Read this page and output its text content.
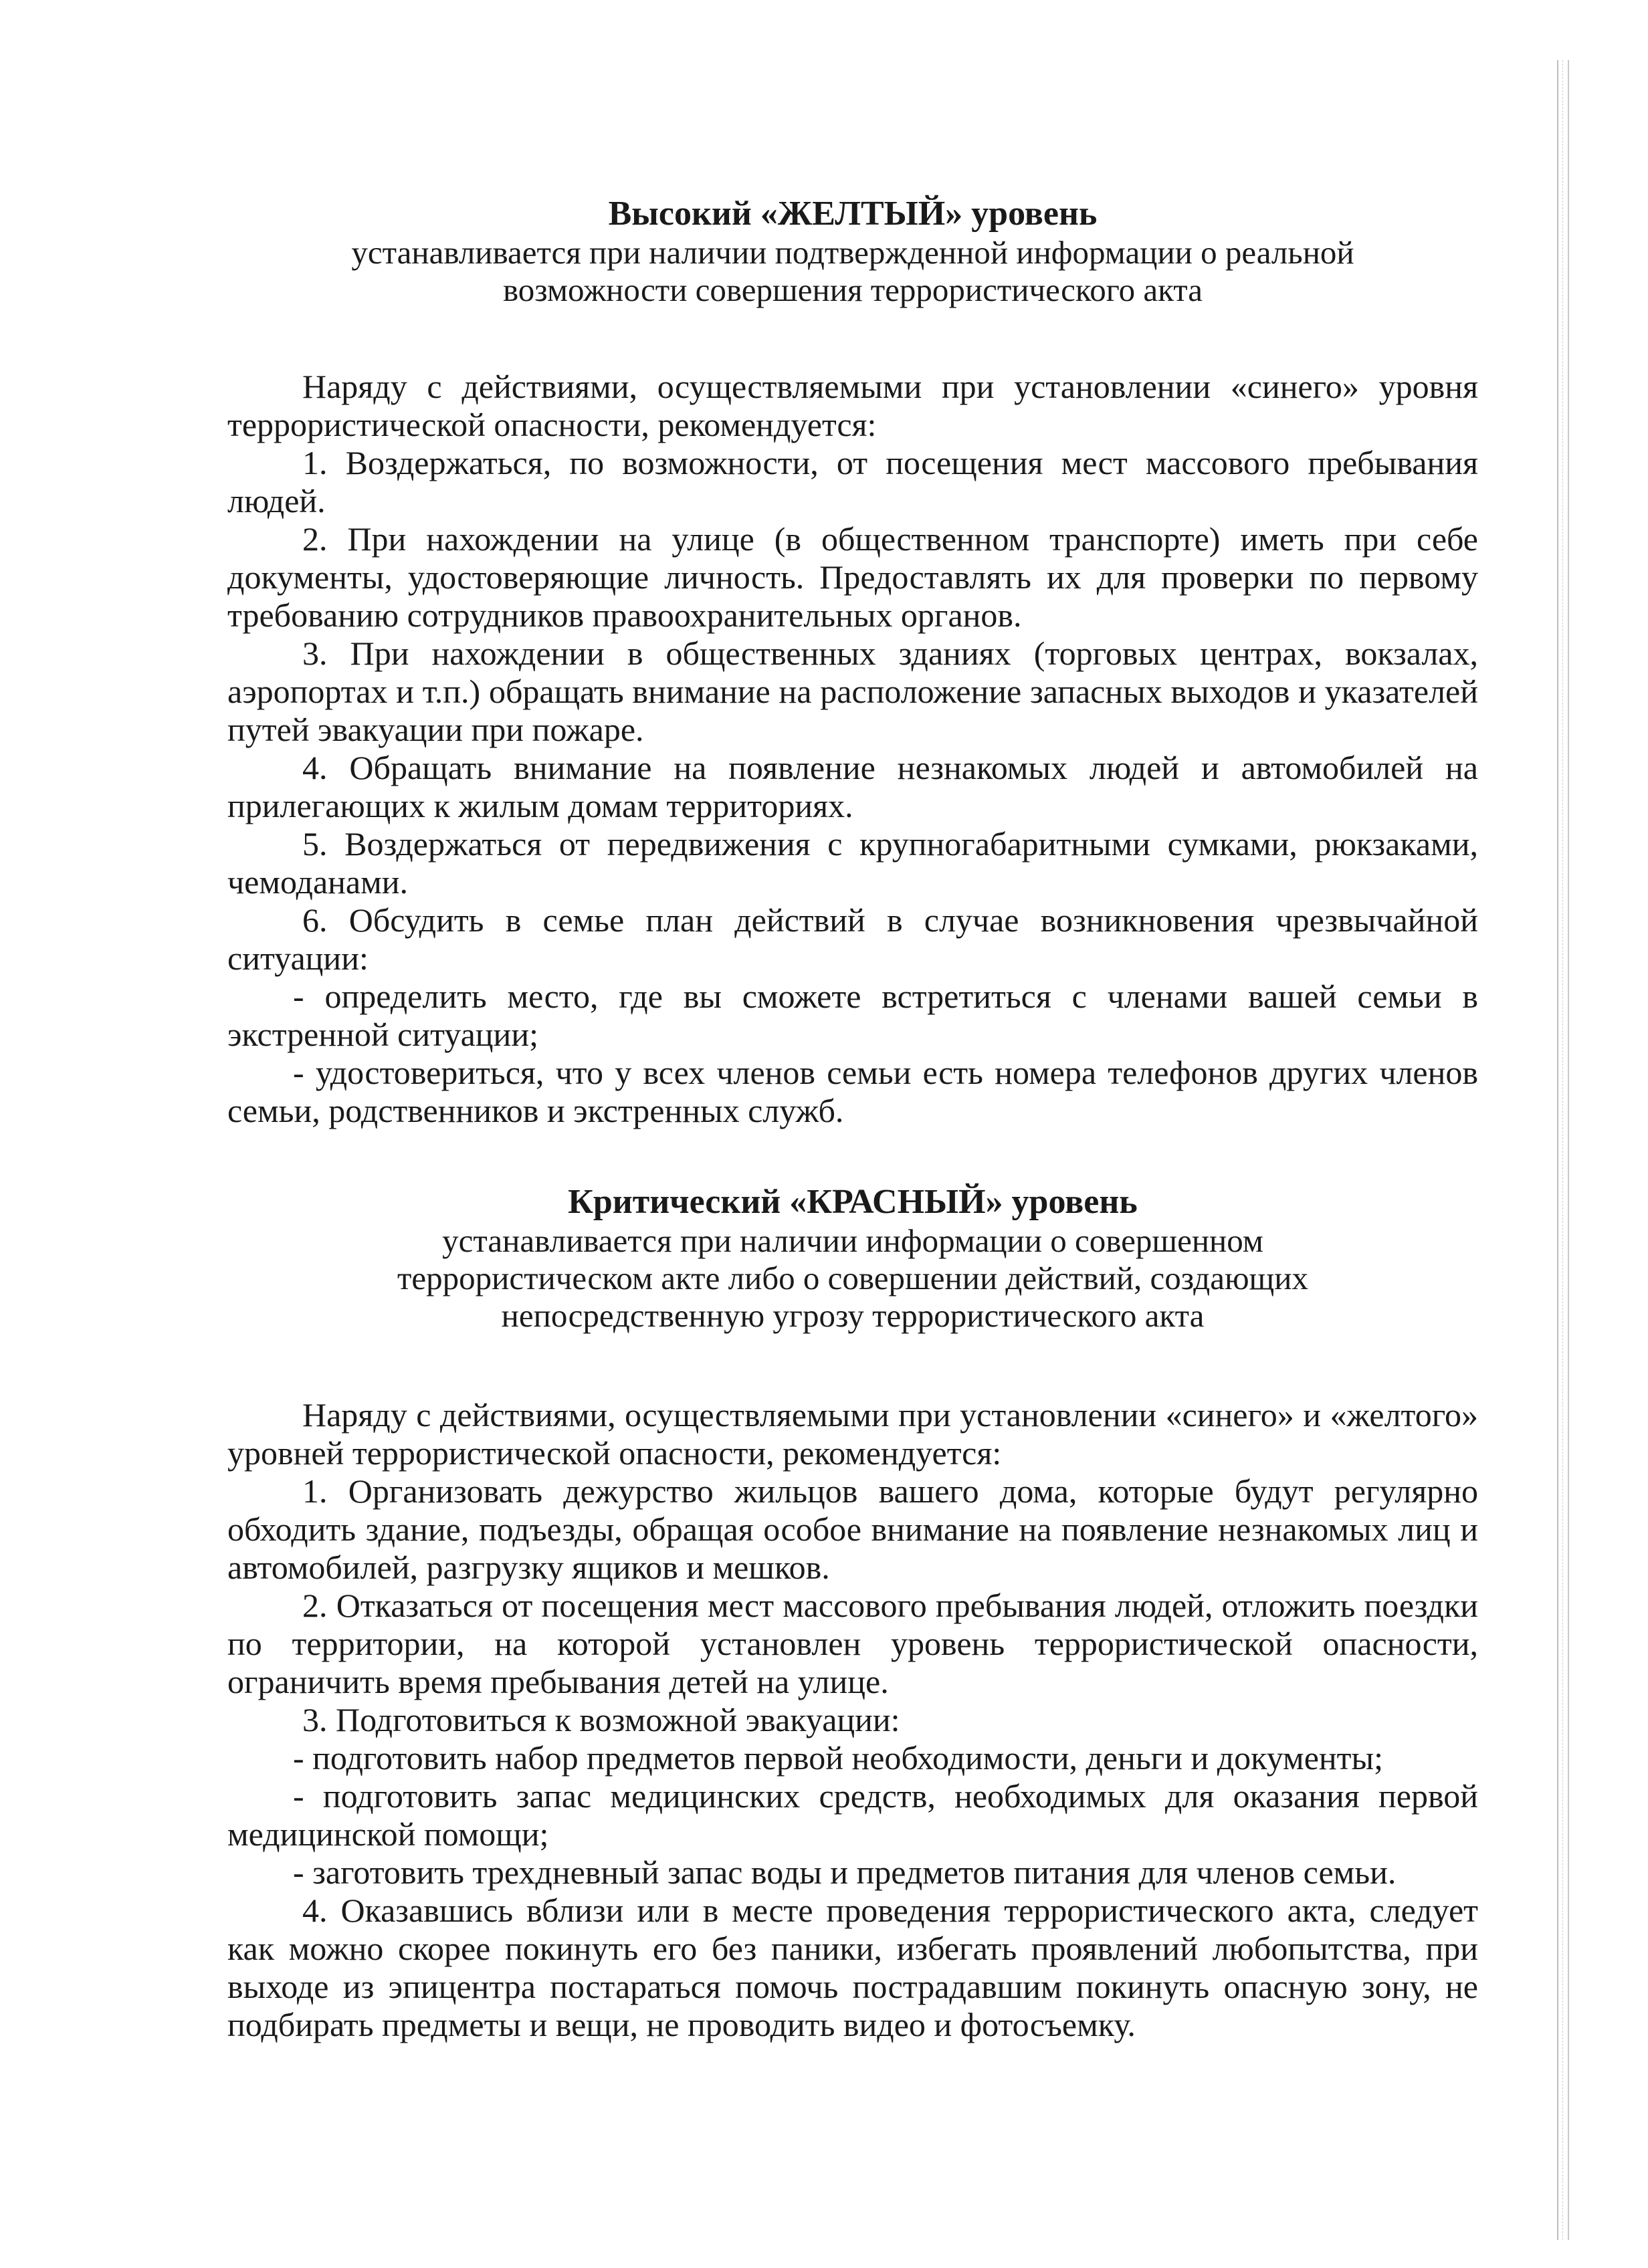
Высокий «ЖЕЛТЫЙ» уровень

устанавливается при наличии подтвержденной информации о реальной возможности совершения террористического акта

Наряду с действиями, осуществляемыми при установлении «синего» уровня террористической опасности, рекомендуется:

1. Воздержаться, по возможности, от посещения мест массового пребывания людей.

2. При нахождении на улице (в общественном транспорте) иметь при себе документы, удостоверяющие личность. Предоставлять их для проверки по первому требованию сотрудников правоохранительных органов.

3. При нахождении в общественных зданиях (торговых центрах, вокзалах, аэропортах и т.п.) обращать внимание на расположение запасных выходов и указателей путей эвакуации при пожаре.

4. Обращать внимание на появление незнакомых людей и автомобилей на прилегающих к жилым домам территориях.

5. Воздержаться от передвижения с крупногабаритными сумками, рюкзаками, чемоданами.

6. Обсудить в семье план действий в случае возникновения чрезвычайной ситуации:

- определить место, где вы сможете встретиться с членами вашей семьи в экстренной ситуации;

- удостовериться, что у всех членов семьи есть номера телефонов других членов семьи, родственников и экстренных служб.

Критический «КРАСНЫЙ» уровень

устанавливается при наличии информации о совершенном террористическом акте либо о совершении действий, создающих непосредственную угрозу террористического акта

Наряду с действиями, осуществляемыми при установлении «синего» и «желтого» уровней террористической опасности, рекомендуется:

1. Организовать дежурство жильцов вашего дома, которые будут регулярно обходить здание, подъезды, обращая особое внимание на появление незнакомых лиц и автомобилей, разгрузку ящиков и мешков.

2. Отказаться от посещения мест массового пребывания людей, отложить поездки по территории, на которой установлен уровень террористической опасности, ограничить время пребывания детей на улице.

3. Подготовиться к возможной эвакуации:

- подготовить набор предметов первой необходимости, деньги и документы;

- подготовить запас медицинских средств, необходимых для оказания первой медицинской помощи;

- заготовить трехдневный запас воды и предметов питания для членов семьи.

4. Оказавшись вблизи или в месте проведения террористического акта, следует как можно скорее покинуть его без паники, избегать проявлений любопытства, при выходе из эпицентра постараться помочь пострадавшим покинуть опасную зону, не подбирать предметы и вещи, не проводить видео и фотосъемку.
